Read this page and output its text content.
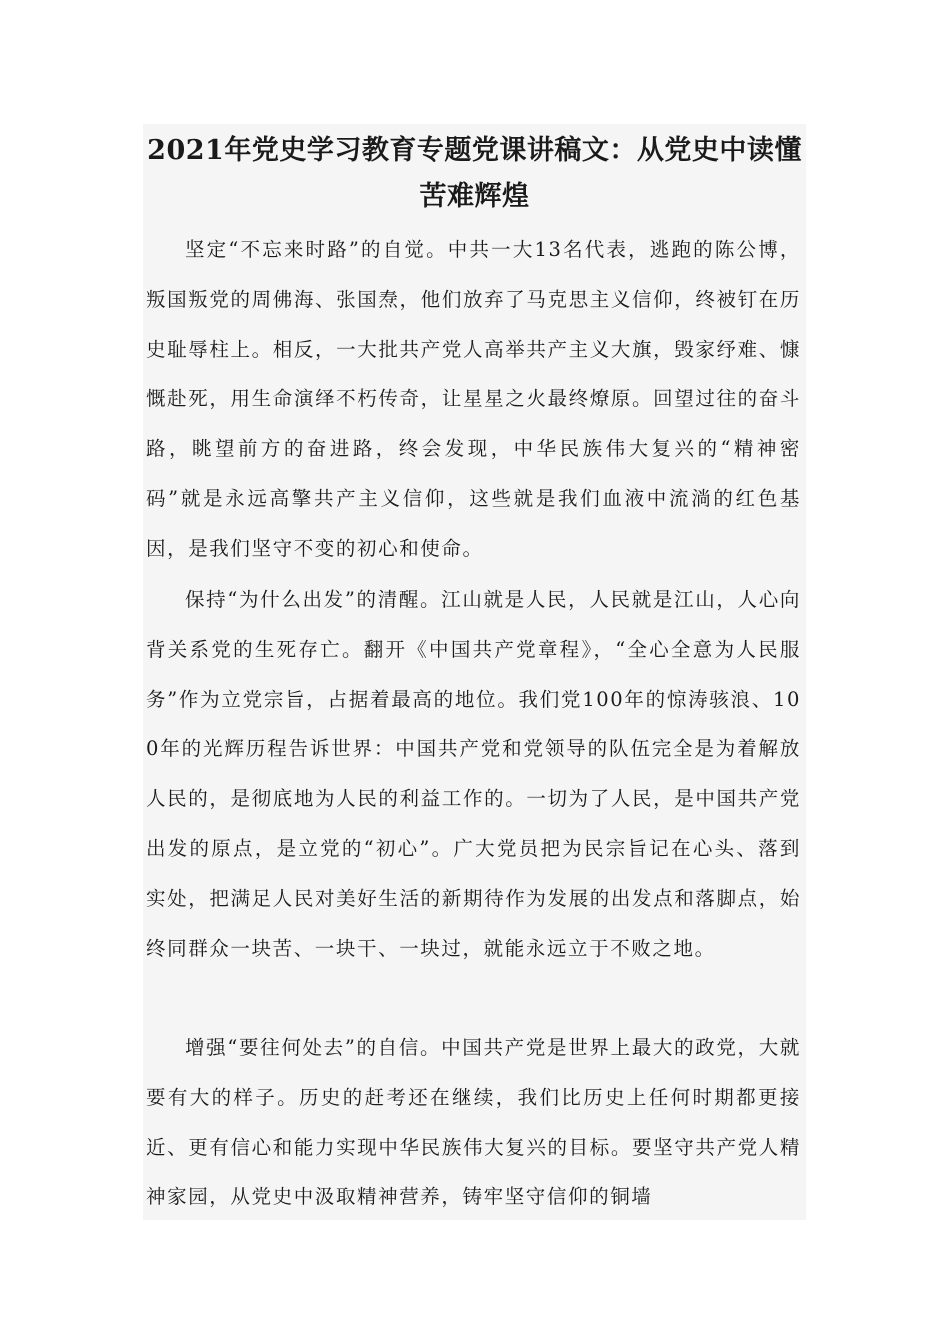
2021年党史学习教育专题党课讲稿文：从党史中读懂苦难辉煌

坚定“不忘来时路”的自觉。中共一大13名代表，逃跑的陈公博，叛国叛党的周佛海、张国焘，他们放弃了马克思主义信仰，终被钉在历史耻辱柱上。相反，一大批共产党人高举共产主义大旗，毁家纾难、慷慨赴死，用生命演绎不朽传奇，让星星之火最终燎原。回望过往的奋斗路，眺望前方的奋进路，终会发现，中华民族伟大复兴的“精神密码”就是永远高擎共产主义信仰，这些就是我们血液中流淌的红色基因，是我们坚守不变的初心和使命。

保持“为什么出发”的清醒。江山就是人民，人民就是江山，人心向背关系党的生死存亡。翻开《中国共产党章程》，“全心全意为人民服务”作为立党宗旨，占据着最高的地位。我们党100年的惊涛骇浪、100年的光辉历程告诉世界：中国共产党和党领导的队伍完全是为着解放人民的，是彻底地为人民的利益工作的。一切为了人民，是中国共产党出发的原点，是立党的“初心”。广大党员把为民宗旨记在心头、落到实处，把满足人民对美好生活的新期待作为发展的出发点和落脚点，始终同群众一块苦、一块干、一块过，就能永远立于不败之地。

增强“要往何处去”的自信。中国共产党是世界上最大的政党，大就要有大的样子。历史的赶考还在继续，我们比历史上任何时期都更接近、更有信心和能力实现中华民族伟大复兴的目标。要坚守共产党人精神家园，从党史中汲取精神营养，铸牢坚守信仰的铜墙
